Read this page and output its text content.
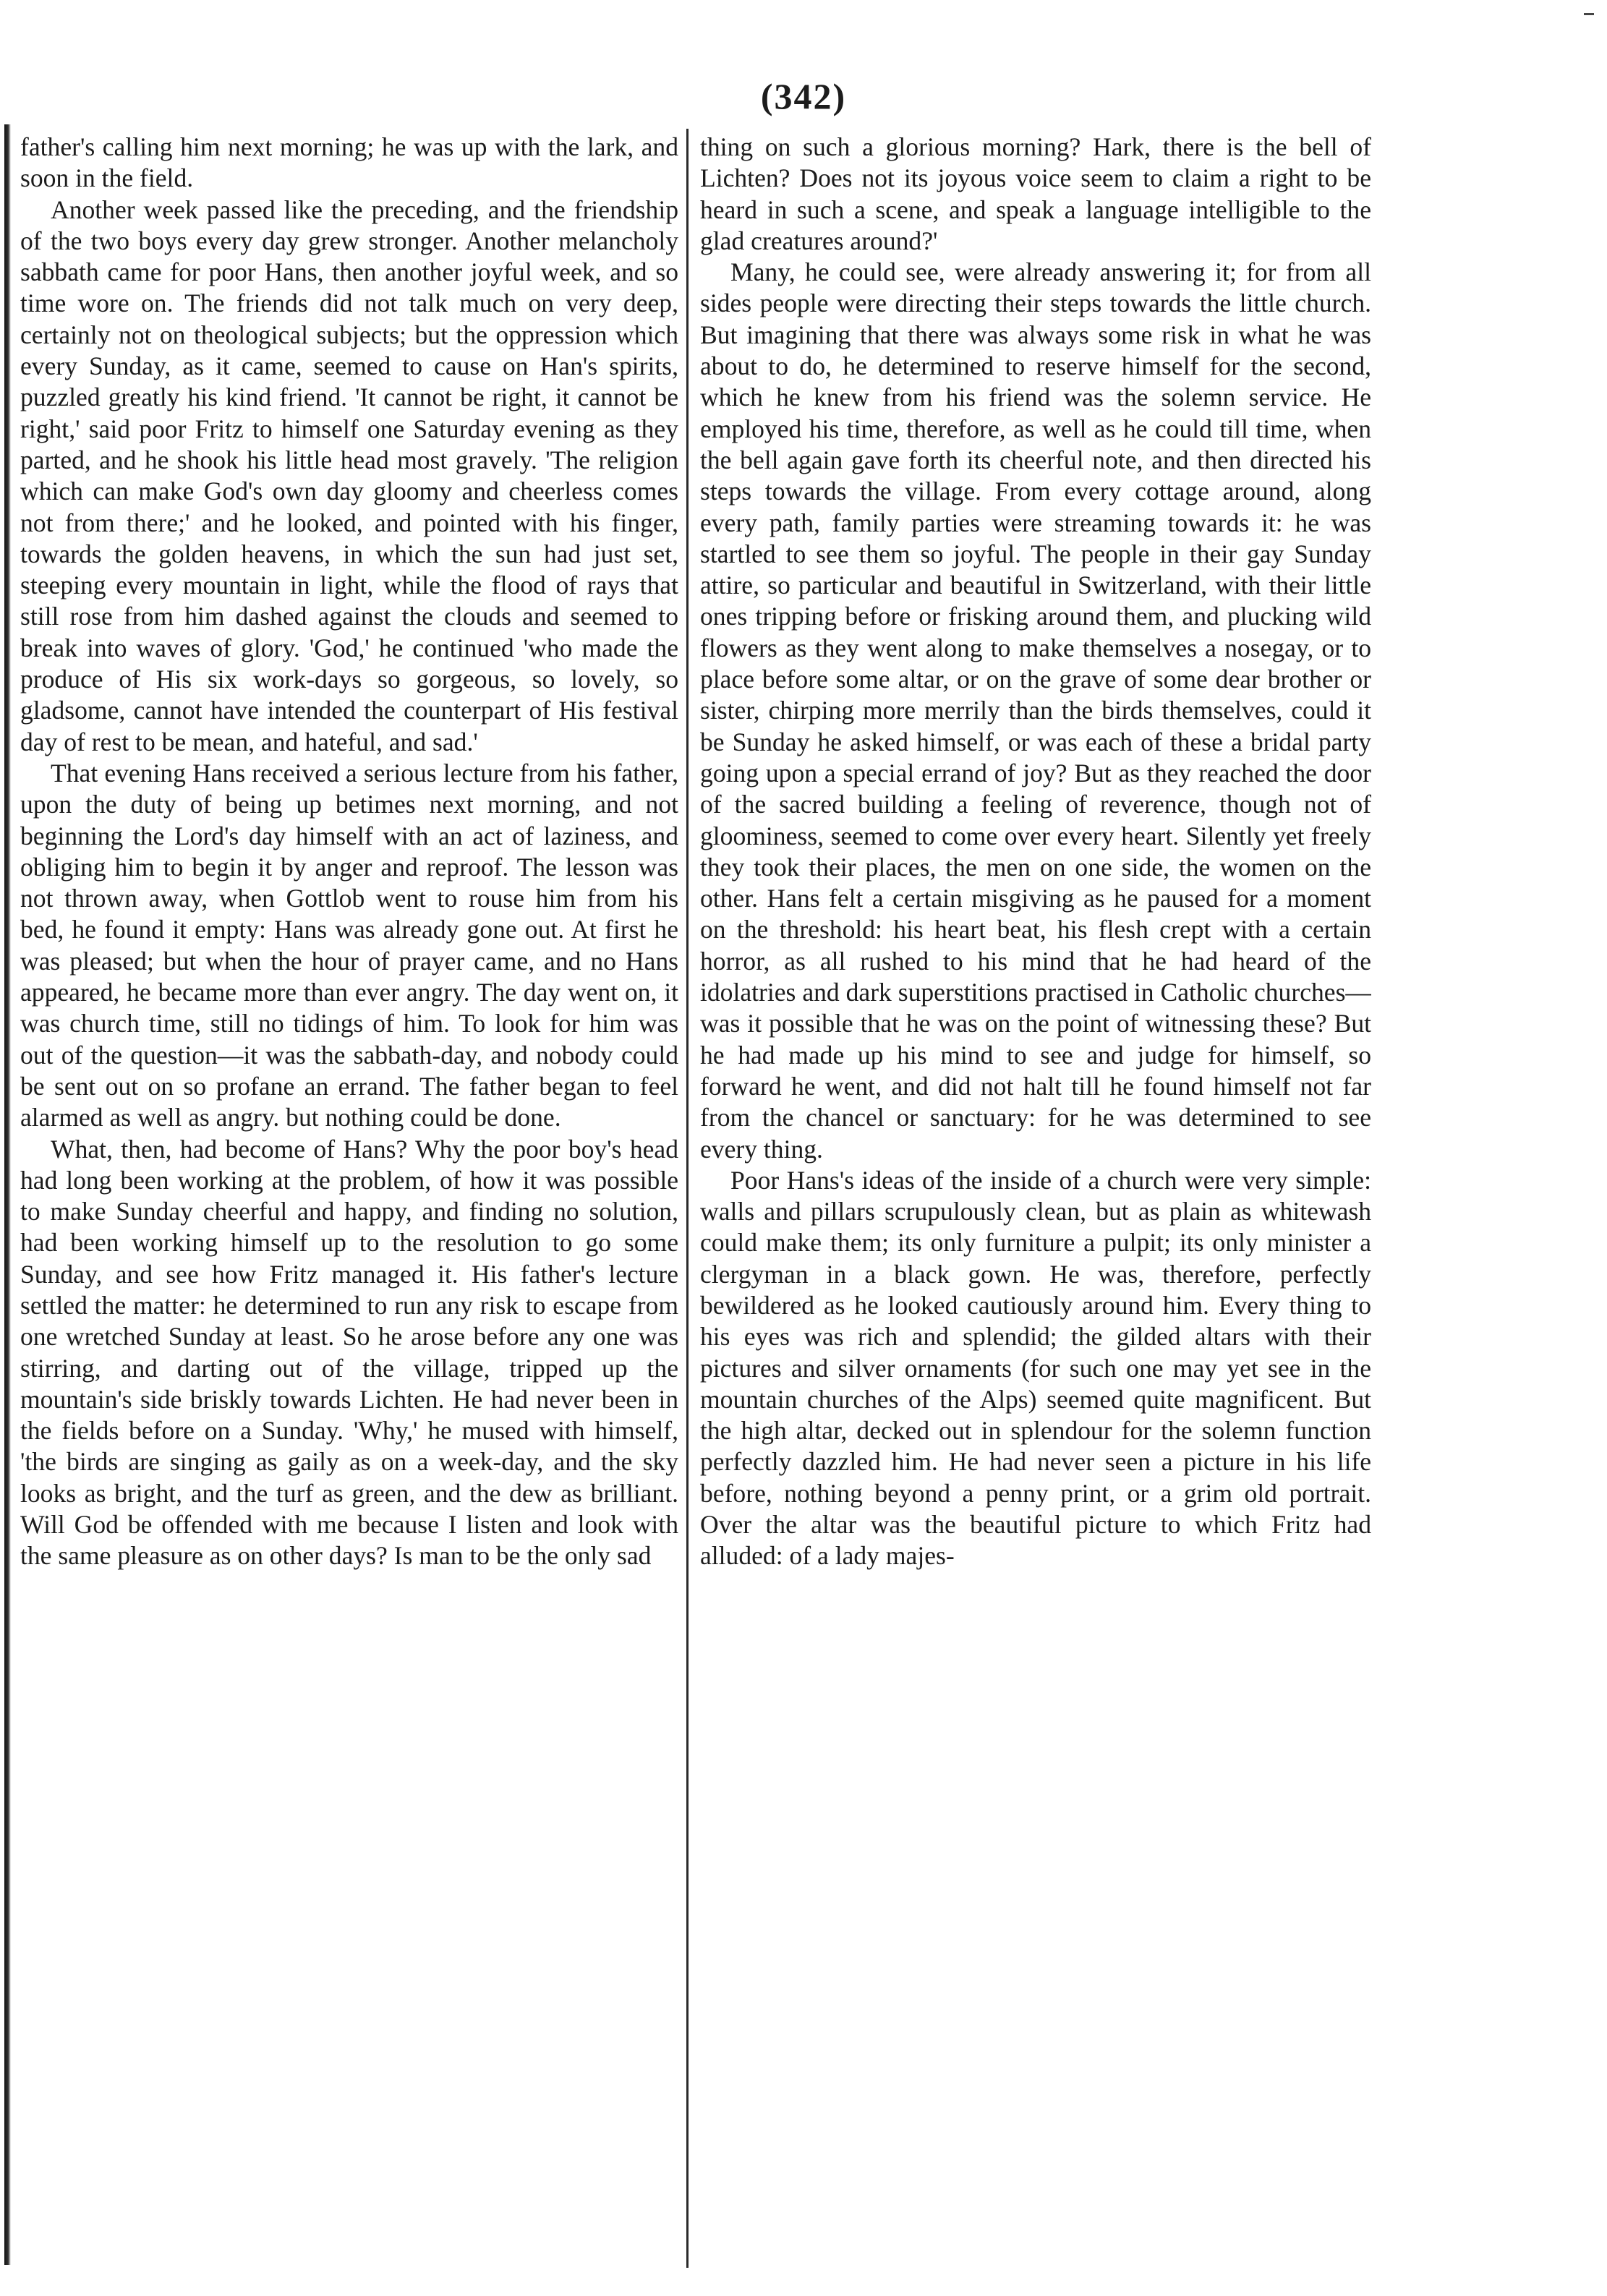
(342)

father's calling him next morning; he was up with the lark, and soon in the field.

Another week passed like the preceding, and the friendship of the two boys every day grew stronger. Another melancholy sabbath came for poor Hans, then another joyful week, and so time wore on. The friends did not talk much on very deep, certainly not on theological subjects; but the oppression which every Sunday, as it came, seemed to cause on Han's spirits, puzzled greatly his kind friend. 'It cannot be right, it cannot be right,' said poor Fritz to himself one Saturday evening as they parted, and he shook his little head most gravely. 'The religion which can make God's own day gloomy and cheerless comes not from there;' and he looked, and pointed with his finger, towards the golden heavens, in which the sun had just set, steeping every mountain in light, while the flood of rays that still rose from him dashed against the clouds and seemed to break into waves of glory. 'God,' he continued 'who made the produce of His six work-days so gorgeous, so lovely, so gladsome, cannot have intended the counterpart of His festival day of rest to be mean, and hateful, and sad.'

That evening Hans received a serious lecture from his father, upon the duty of being up betimes next morning, and not beginning the Lord's day himself with an act of laziness, and obliging him to begin it by anger and reproof. The lesson was not thrown away, when Gottlob went to rouse him from his bed, he found it empty: Hans was already gone out. At first he was pleased; but when the hour of prayer came, and no Hans appeared, he became more than ever angry. The day went on, it was church time, still no tidings of him. To look for him was out of the question—it was the sabbath-day, and nobody could be sent out on so profane an errand. The father began to feel alarmed as well as angry. but nothing could be done.

What, then, had become of Hans? Why the poor boy's head had long been working at the problem, of how it was possible to make Sunday cheerful and happy, and finding no solution, had been working himself up to the resolution to go some Sunday, and see how Fritz managed it. His father's lecture settled the matter: he determined to run any risk to escape from one wretched Sunday at least. So he arose before any one was stirring, and darting out of the village, tripped up the mountain's side briskly towards Lichten. He had never been in the fields before on a Sunday. 'Why,' he mused with himself, 'the birds are singing as gaily as on a week-day, and the sky looks as bright, and the turf as green, and the dew as brilliant. Will God be offended with me because I listen and look with the same pleasure as on other days? Is man to be the only sad

thing on such a glorious morning? Hark, there is the bell of Lichten? Does not its joyous voice seem to claim a right to be heard in such a scene, and speak a language intelligible to the glad creatures around?'

Many, he could see, were already answering it; for from all sides people were directing their steps towards the little church. But imagining that there was always some risk in what he was about to do, he determined to reserve himself for the second, which he knew from his friend was the solemn service. He employed his time, therefore, as well as he could till time, when the bell again gave forth its cheerful note, and then directed his steps towards the village. From every cottage around, along every path, family parties were streaming towards it: he was startled to see them so joyful. The people in their gay Sunday attire, so particular and beautiful in Switzerland, with their little ones tripping before or frisking around them, and plucking wild flowers as they went along to make themselves a nosegay, or to place before some altar, or on the grave of some dear brother or sister, chirping more merrily than the birds themselves, could it be Sunday he asked himself, or was each of these a bridal party going upon a special errand of joy? But as they reached the door of the sacred building a feeling of reverence, though not of gloominess, seemed to come over every heart. Silently yet freely they took their places, the men on one side, the women on the other. Hans felt a certain misgiving as he paused for a moment on the threshold: his heart beat, his flesh crept with a certain horror, as all rushed to his mind that he had heard of the idolatries and dark superstitions practised in Catholic churches—was it possible that he was on the point of witnessing these? But he had made up his mind to see and judge for himself, so forward he went, and did not halt till he found himself not far from the chancel or sanctuary: for he was determined to see every thing.

Poor Hans's ideas of the inside of a church were very simple: walls and pillars scrupulously clean, but as plain as whitewash could make them; its only furniture a pulpit; its only minister a clergyman in a black gown. He was, therefore, perfectly bewildered as he looked cautiously around him. Every thing to his eyes was rich and splendid; the gilded altars with their pictures and silver ornaments (for such one may yet see in the mountain churches of the Alps) seemed quite magnificent. But the high altar, decked out in splendour for the solemn function perfectly dazzled him. He had never seen a picture in his life before, nothing beyond a penny print, or a grim old portrait. Over the altar was the beautiful picture to which Fritz had alluded: of a lady majes-
